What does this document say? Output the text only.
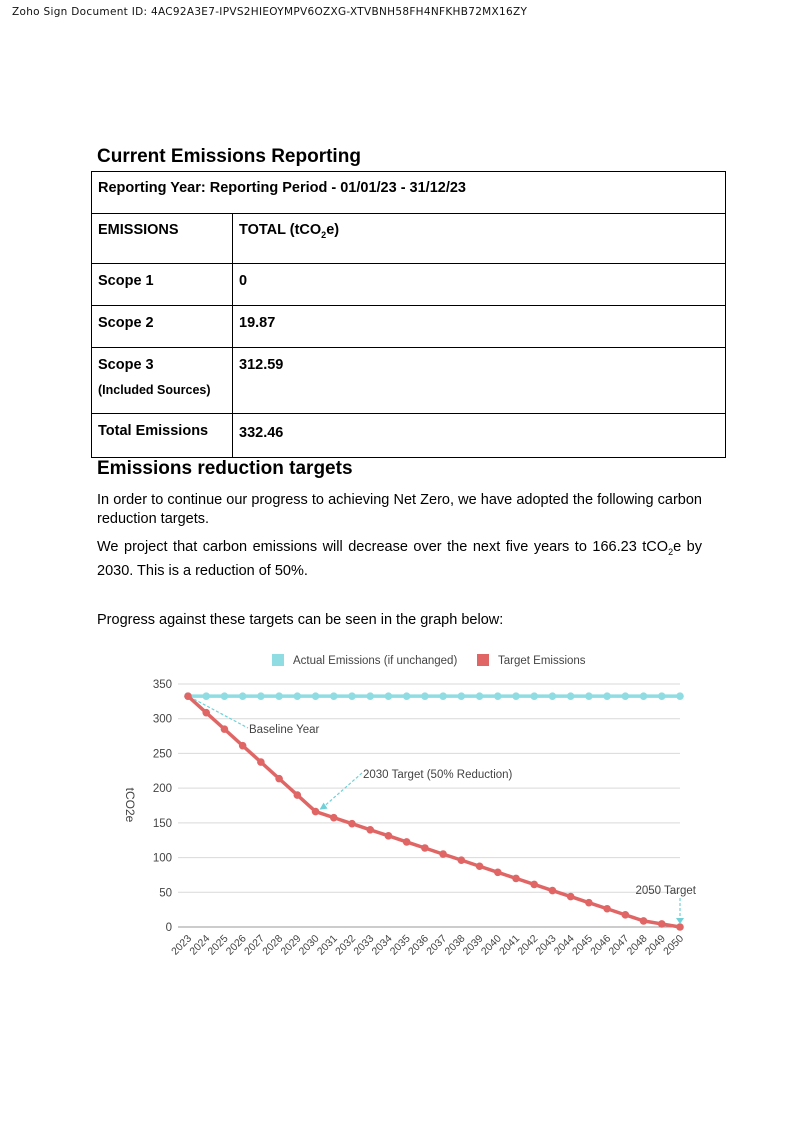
Zoho Sign Document ID: 4AC92A3E7-IPVS2HIEOYMPV6OZXG-XTVBNH58FH4NFKHB72MX16ZY
Current Emissions Reporting
Reporting Year: Reporting Period - 01/01/23 - 31/12/23	
EMISSIONS	TOTAL (tCO$_2$e)
Scope 1	0
Scope 2	19.87
Scope 3
(Included Sources)	312.59
Total Emissions	332.46
Emissions reduction targets

In order to continue our progress to achieving Net Zero, we have adopted the following carbon reduction targets.

We project that carbon emissions will decrease over the next five years to 166.23 tCO$_2$e by 2030. This is a reduction of 50%.

Progress against these targets can be seen in the graph below:

0
50
100
150
200
250
300
350
2023
2024
2025
2026
2027
2028
2029
2030
2031
2032
2033
2034
2035
2036
2037
2038
2039
2040
2041
2042
2043
2044
2045
2046
2047
2048
2049
2050
tCO2e
Actual Emissions (if unchanged)	Target Emissions
Baseline Year
2030 Target (50% Reduction)
2050 Target
